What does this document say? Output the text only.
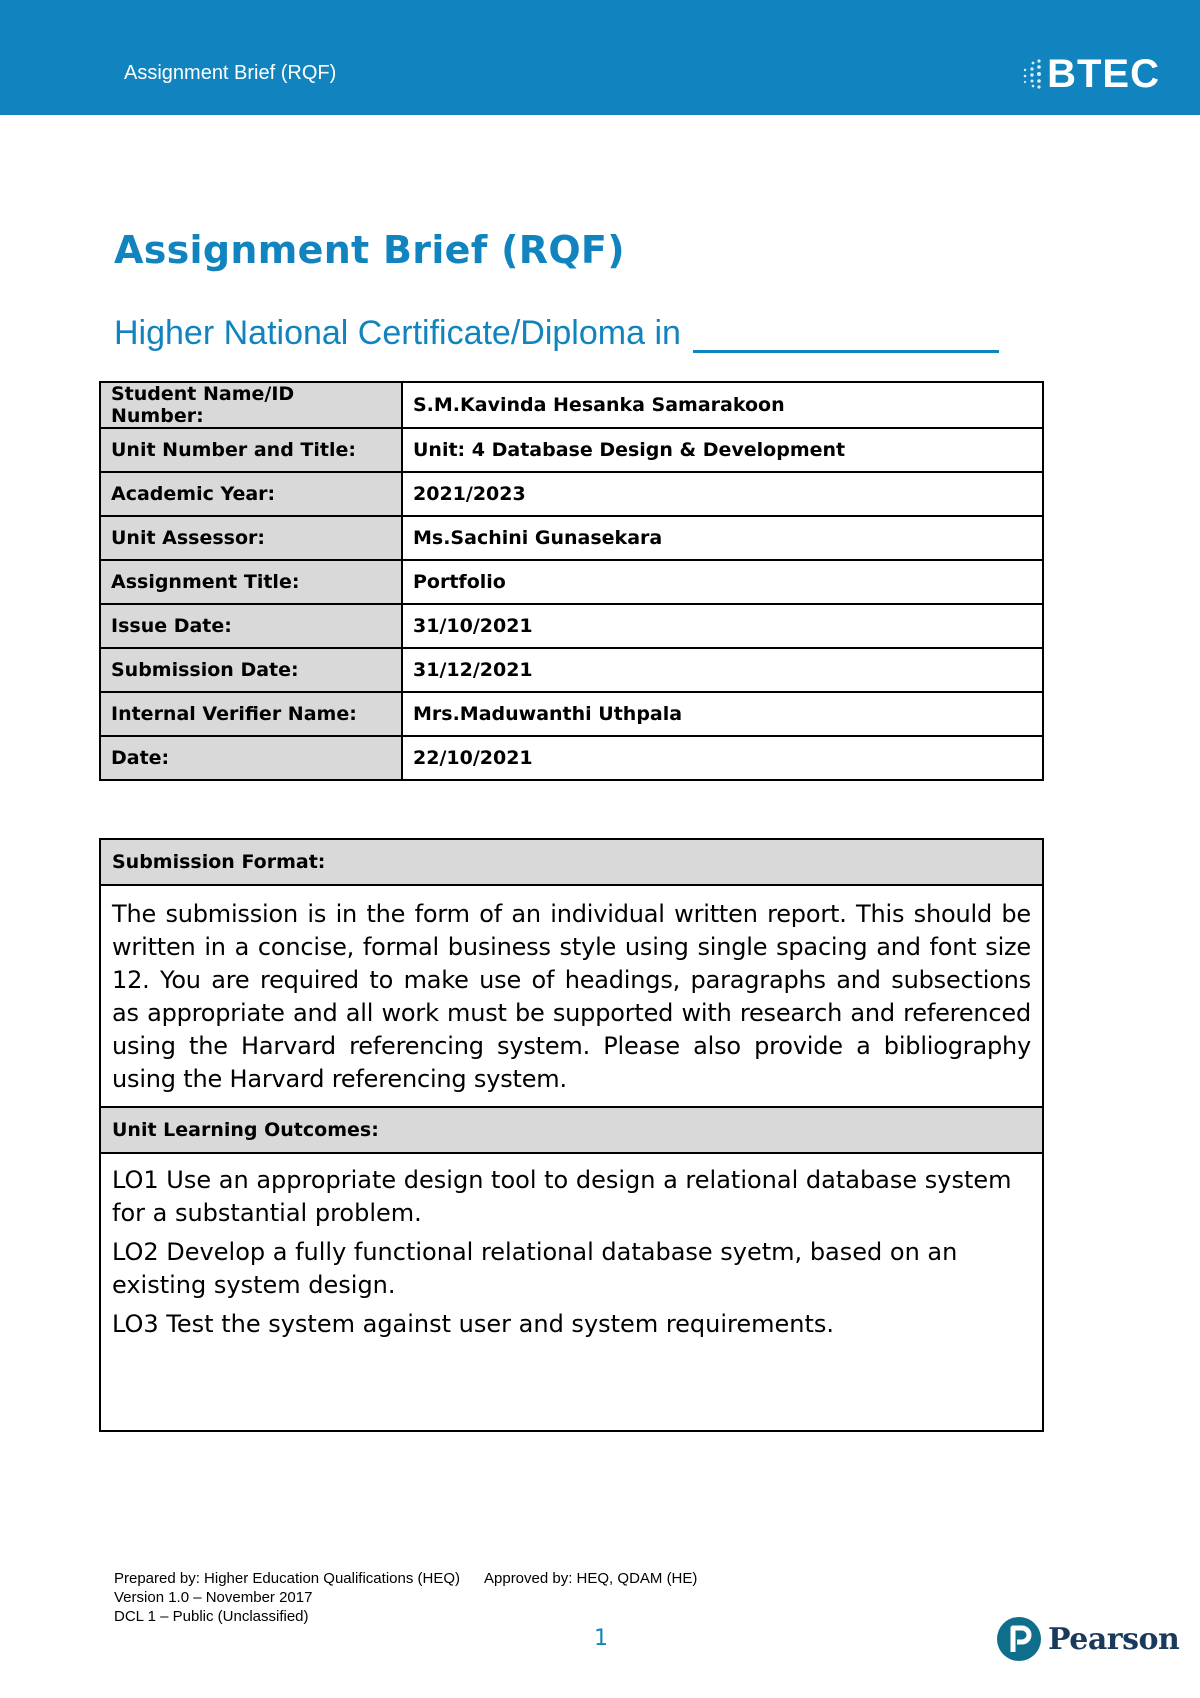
Assignment Brief (RQF)	BTEC
Assignment Brief (RQF)
Higher National Certificate/Diploma in
Student Name/ID Number:	S.M.Kavinda Hesanka Samarakoon
Unit Number and Title:	Unit: 4 Database Design & Development
Academic Year:	2021/2023
Unit Assessor:	Ms.Sachini Gunasekara
Assignment Title:	Portfolio
Issue Date:	31/10/2021
Submission Date:	31/12/2021
Internal Verifier Name:	Mrs.Maduwanthi Uthpala
Date:	22/10/2021
Submission Format:
The submission is in the form of an individual written report. This should be written in a concise, formal business style using single spacing and font size 12. You are required to make use of headings, paragraphs and subsections as appropriate and all work must be supported with research and referenced using the Harvard referencing system. Please also provide a bibliography using the Harvard referencing system.
Unit Learning Outcomes:

LO1 Use an appropriate design tool to design a relational database system for a substantial problem.

LO2 Develop a fully functional relational database syetm, based on an existing system design.

LO3 Test the system against user and system requirements.

Prepared by: Higher Education Qualifications (HEQ) Approved by: HEQ, QDAM (HE)
Version 1.0 – November 2017
DCL 1 – Public (Unclassified)
1	Pearson
